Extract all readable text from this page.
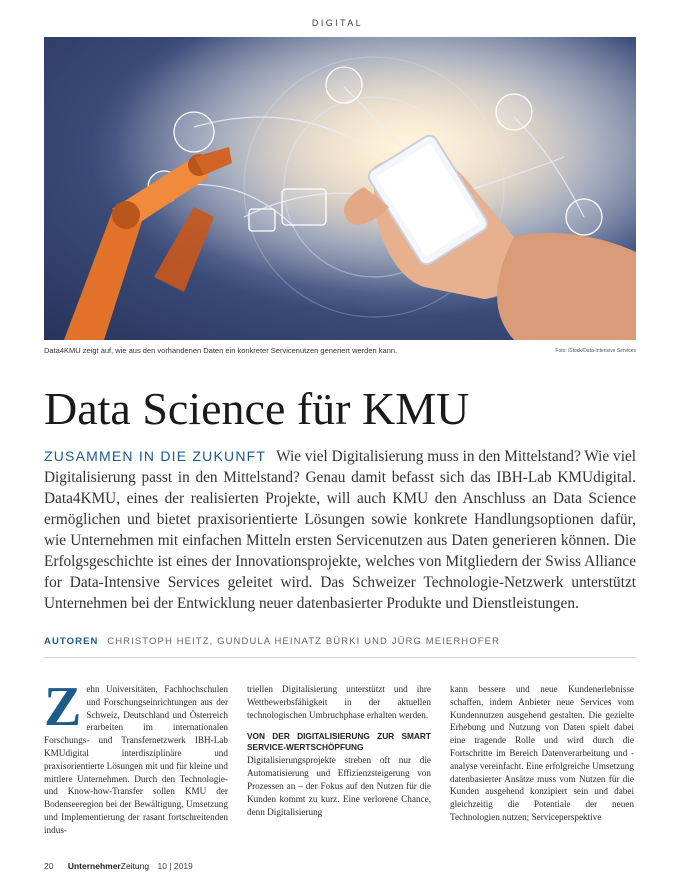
DIGITAL
Data4KMU zeigt auf, wie aus den vorhandenen Daten ein konkreter Servicenutzen generiert werden kann.	Foto: iStock/Data-Intensive Services
Data Science für KMU

ZUSAMMEN IN DIE ZUKUNFT Wie viel Digitalisierung muss in den Mittelstand? Wie viel Digitalisierung passt in den Mittelstand? Genau damit befasst sich das IBH-Lab KMUdigital. Data4KMU, eines der realisierten Projekte, will auch KMU den Anschluss an Data Science ermöglichen und bietet praxisorientierte Lösungen sowie konkrete Handlungsoptionen dafür, wie Unternehmen mit einfachen Mitteln ersten Servicenutzen aus Daten generieren können. Die Erfolgsgeschichte ist eines der Innovationsprojekte, welches von Mitgliedern der Swiss Alliance for Data-Intensive Services geleitet wird. Das Schweizer Technologie-Netzwerk unterstützt Unternehmen bei der Entwicklung neuer datenbasierter Produkte und Dienstleistungen.

AUTOREN CHRISTOPH HEITZ, GUNDULA HEINATZ BÜRKI UND JÜRG MEIERHOFER
Z ehn Universitäten, Fachhochschulen und Forschungseinrichtungen aus der Schweiz, Deutschland und Österreich erarbeiten im internationalen Forschungs- und Transfernetzwerk IBH-Lab KMUdigital interdisziplinäre und praxisorientierte Lösungen mit und für kleine und mittlere Unternehmen. Durch den Technologie- und Know-how-Transfer sollen KMU der Bodenseeregion bei der Bewältigung, Umsetzung und Implementierung der rasant fortschreitenden indus-

triellen Digitalisierung unterstützt und ihre Wettbewerbsfähigkeit in der aktuellen technologischen Umbruchphase erhalten werden.

VON DER DIGITALISIERUNG ZUR SMART SERVICE-WERTSCHÖPFUNG

Digitalisierungsprojekte streben oft nur die Automatisierung und Effizienzsteigerung von Prozessen an – der Fokus auf den Nutzen für die Kunden kommt zu kurz. Eine verlorene Chance, denn Digitalisierung

kann bessere und neue Kundenerlebnisse schaffen, indem Anbieter neue Services vom Kundennutzen ausgehend gestalten. Die gezielte Erhebung und Nutzung von Daten spielt dabei eine tragende Rolle und wird durch die Fortschritte im Bereich Datenverarbeitung und -analyse vereinfacht. Eine erfolgreiche Umsetzung datenbasierter Ansätze muss vom Nutzen für die Kunden ausgehend konzipiert sein und dabei gleichzeitig die Potentiale der neuen Technologien nutzen; Serviceperspektive

20 UnternehmerZeitung 10 | 2019
